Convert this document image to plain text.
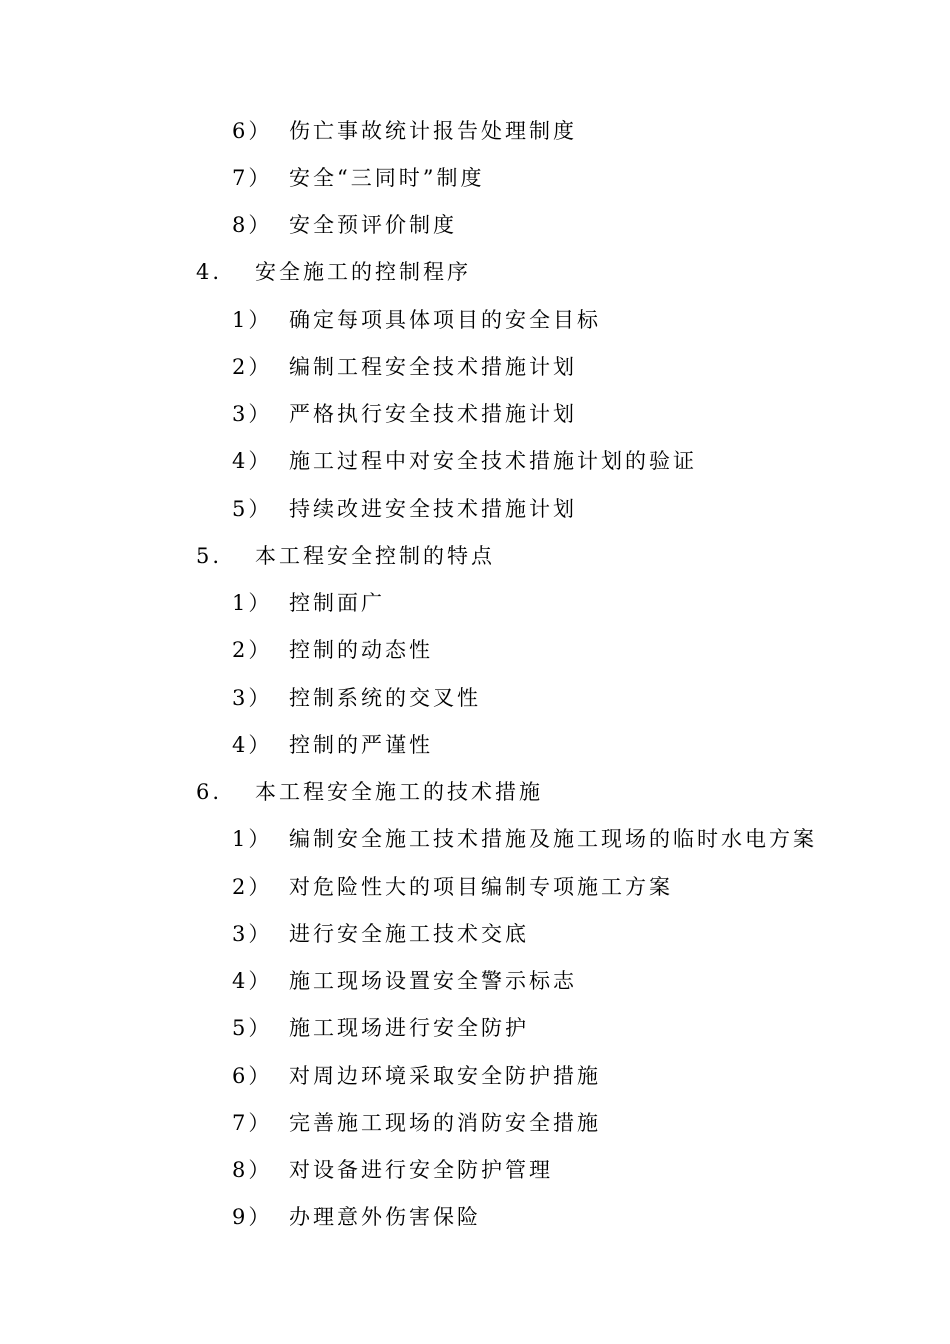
6） 伤亡事故统计报告处理制度
7） 安全“三同时”制度
8） 安全预评价制度
4. 安全施工的控制程序
1） 确定每项具体项目的安全目标
2） 编制工程安全技术措施计划
3） 严格执行安全技术措施计划
4） 施工过程中对安全技术措施计划的验证
5） 持续改进安全技术措施计划
5. 本工程安全控制的特点
1） 控制面广
2） 控制的动态性
3） 控制系统的交叉性
4） 控制的严谨性
6. 本工程安全施工的技术措施
1） 编制安全施工技术措施及施工现场的临时水电方案
2） 对危险性大的项目编制专项施工方案
3） 进行安全施工技术交底
4） 施工现场设置安全警示标志
5） 施工现场进行安全防护
6） 对周边环境采取安全防护措施
7） 完善施工现场的消防安全措施
8） 对设备进行安全防护管理
9） 办理意外伤害保险
